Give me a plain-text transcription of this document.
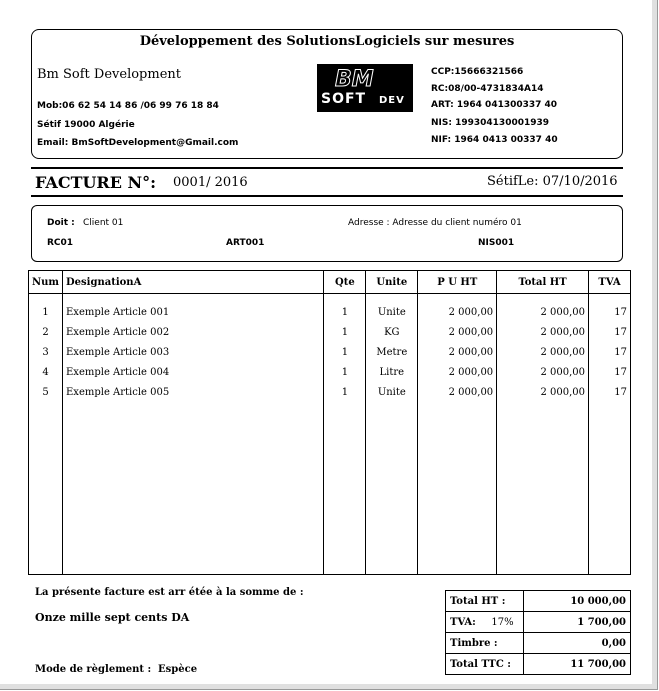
Développement des SolutionsLogiciels sur mesures
Bm Soft Development
Mob:06 62 54 14 86 /06 99 76 18 84
Sétif 19000 Algérie
Email: BmSoftDevelopment@Gmail.com
BM
SOFT DEV
CCP:15666321566
RC:08/00-4731834A14
ART: 1964 041300337 40
NIS: 199304130001939
NIF: 1964 0413 00337 40
FACTURE N°: 0001/ 2016	SétifLe: 07/10/2016
Doit : Client 01	Adresse : Adresse du client numéro 01
RC01	ART001	NIS001
Num	DesignationA	Qte	Unite	P U HT	Total HT	TVA
1	Exemple Article 001	1	Unite	2 000,00	2 000,00	17
2	Exemple Article 002	1	KG	2 000,00	2 000,00	17
3	Exemple Article 003	1	Metre	2 000,00	2 000,00	17
4	Exemple Article 004	1	Litre	2 000,00	2 000,00	17
5	Exemple Article 005	1	Unite	2 000,00	2 000,00	17

La présente facture est arr étée à la somme de :
Onze mille sept cents DA
Mode de règlement : Espèce
Total HT :	10 000,00
TVA: 17%	1 700,00
Timbre :	0,00
Total TTC :	11 700,00
